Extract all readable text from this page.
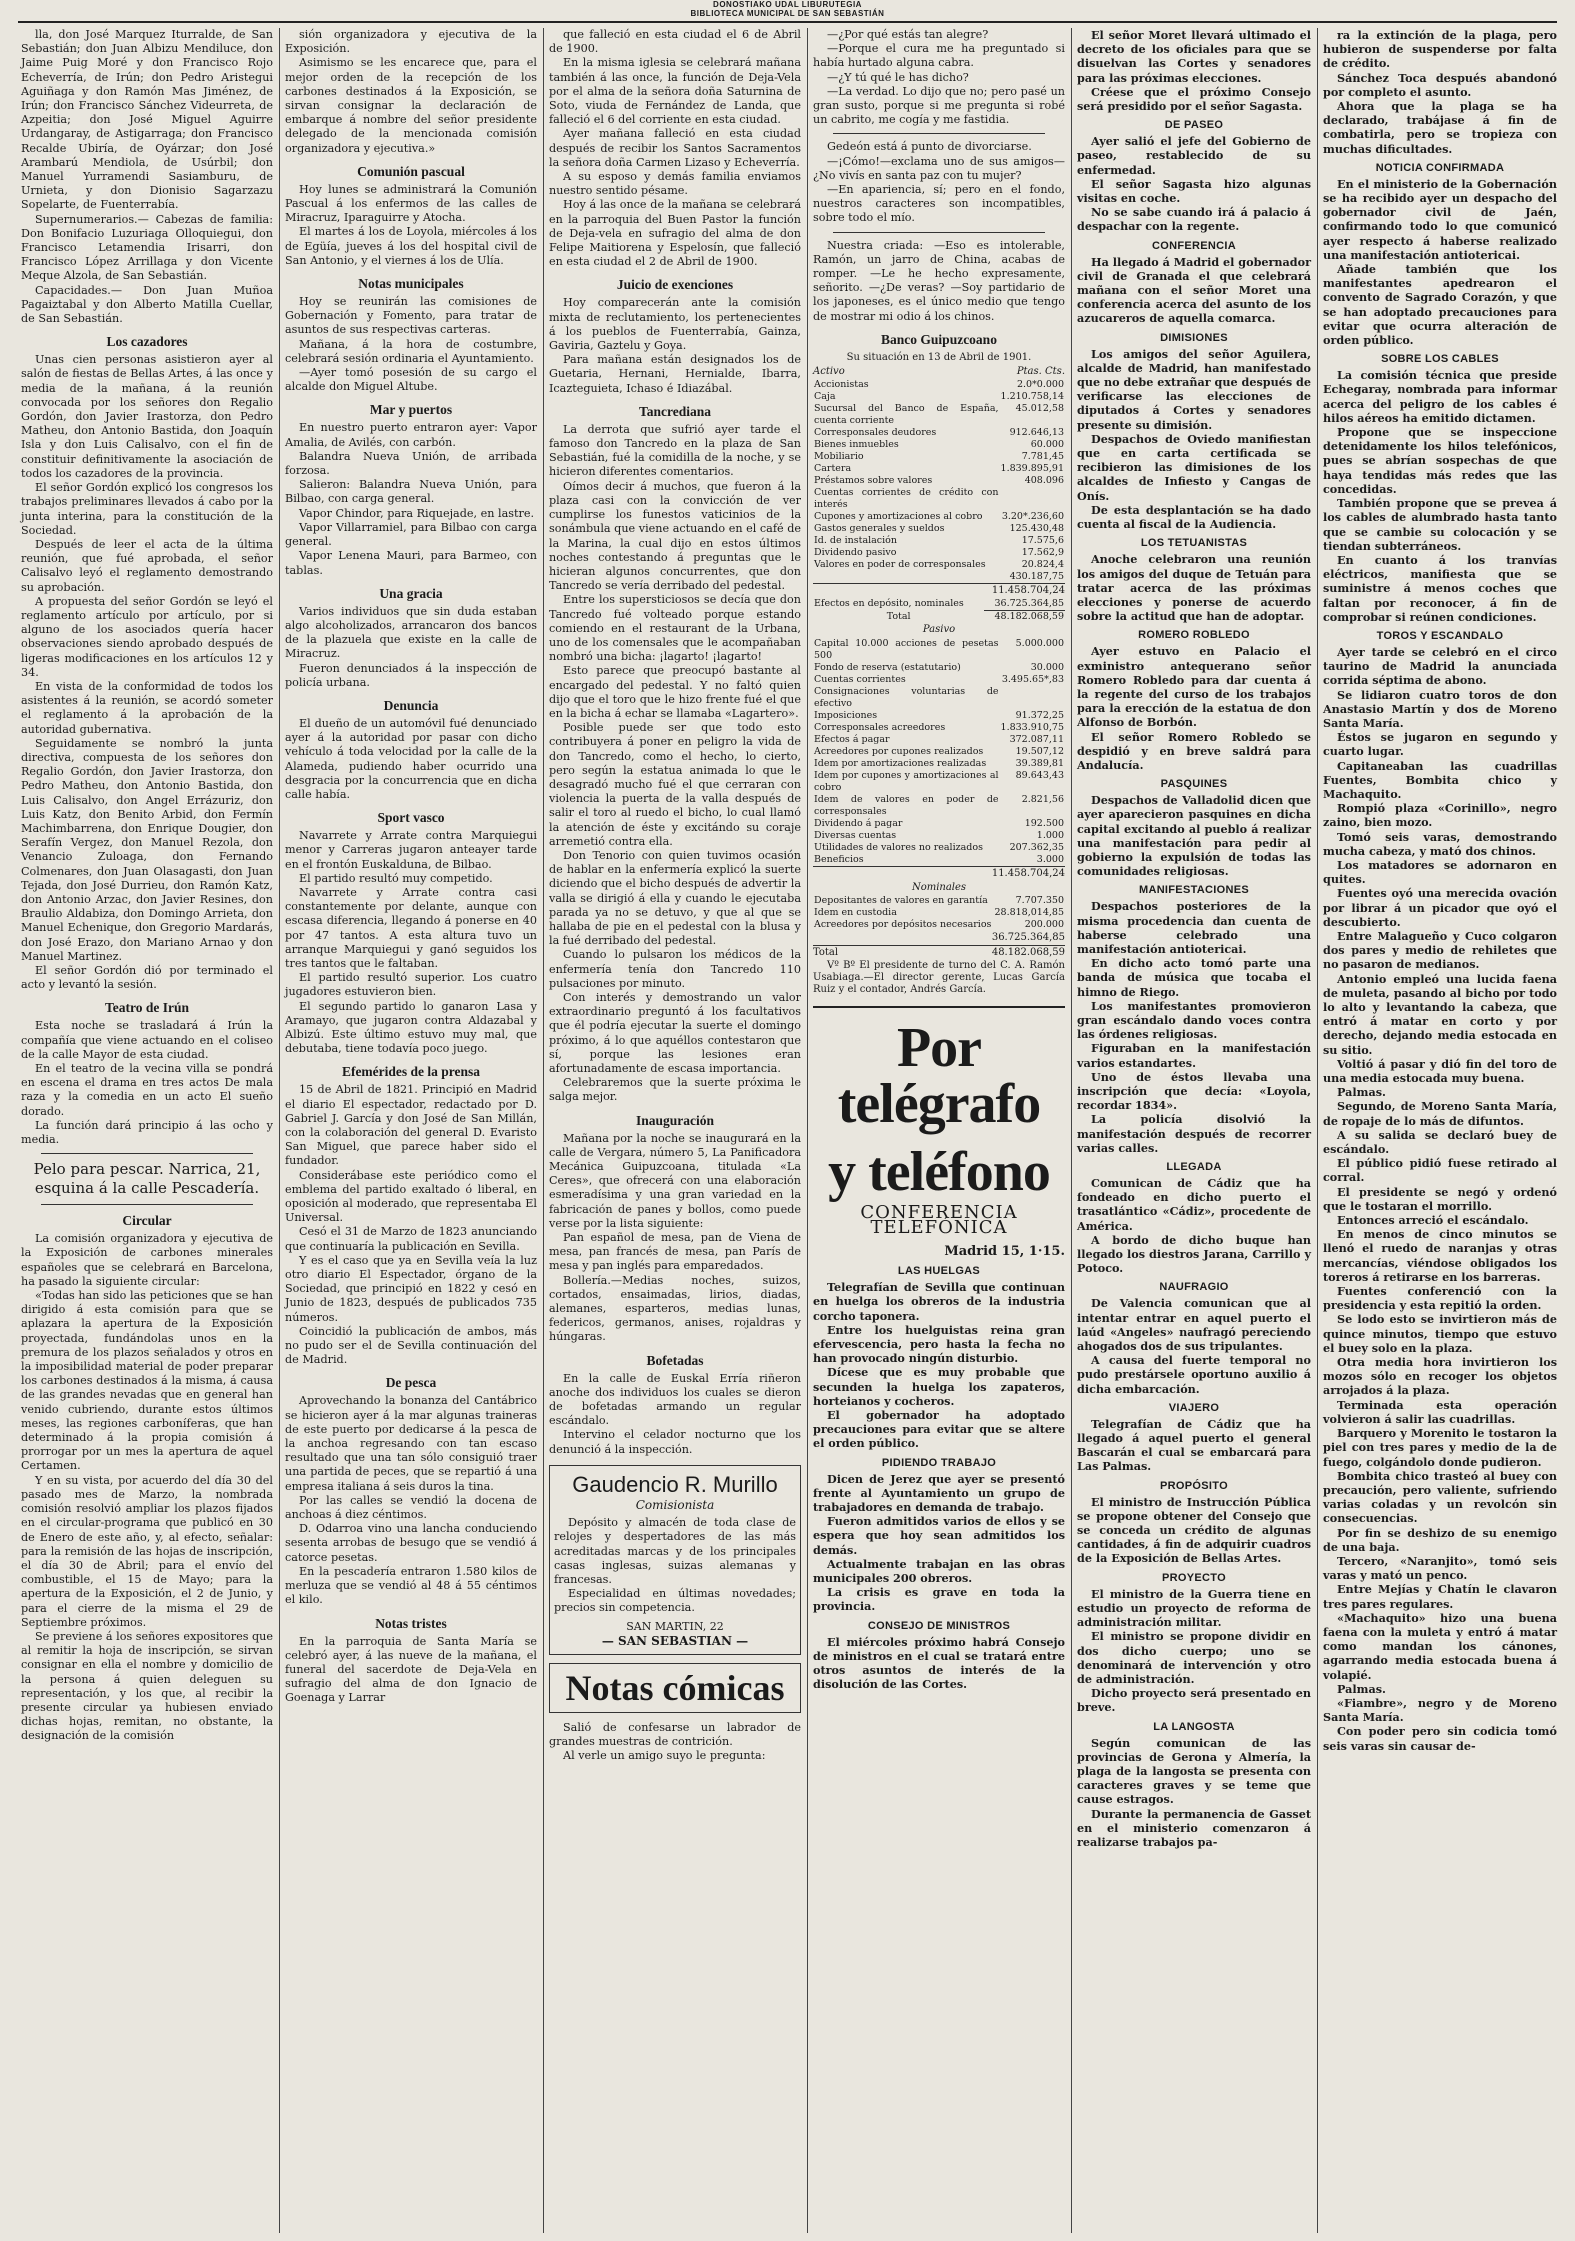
DONOSTIAKO UDAL LIBURUTEGIA
BIBLIOTECA MUNICIPAL DE SAN SEBASTIÁN

lla, don José Marquez Iturralde, de San Sebastián; don Juan Albizu Mendiluce, don Jaime Puig Moré y don Francisco Rojo Echeverría, de Irún; don Pedro Aristegui Aguiñaga y don Ramón Mas Jiménez, de Irún; don Francisco Sánchez Videurreta, de Azpeitia; don José Miguel Aguirre Urdangaray, de Astigarraga; don Francisco Recalde Ubiría, de Oyárzar; don José Arambarú Mendiola, de Usúrbil; don Manuel Yurramendi Sasiamburu, de Urnieta, y don Dionisio Sagarzazu Sopelarte, de Fuenterrabía.

Supernumerarios.— Cabezas de familia: Don Bonifacio Luzuriaga Olloquiegui, don Francisco Letamendia Irisarri, don Francisco López Arrillaga y don Vicente Meque Alzola, de San Sebastián.

Capacidades.— Don Juan Muñoa Pagaiztabal y don Alberto Matilla Cuellar, de San Sebastián.

Los cazadores

Unas cien personas asistieron ayer al salón de fiestas de Bellas Artes, á las once y media de la mañana, á la reunión convocada por los señores don Regalio Gordón, don Javier Irastorza, don Pedro Matheu, don Antonio Bastida, don Joaquín Isla y don Luis Calisalvo, con el fin de constituir definitivamente la asociación de todos los cazadores de la provincia.

El señor Gordón explicó los congresos los trabajos preliminares llevados á cabo por la junta interina, para la constitución de la Sociedad.

Después de leer el acta de la última reunión, que fué aprobada, el señor Calisalvo leyó el reglamento demostrando su aprobación.

A propuesta del señor Gordón se leyó el reglamento artículo por artículo, por si alguno de los asociados quería hacer observaciones siendo aprobado después de ligeras modificaciones en los artículos 12 y 34.

En vista de la conformidad de todos los asistentes á la reunión, se acordó someter el reglamento á la aprobación de la autoridad gubernativa.

Seguidamente se nombró la junta directiva, compuesta de los señores don Regalio Gordón, don Javier Irastorza, don Pedro Matheu, don Antonio Bastida, don Luis Calisalvo, don Angel Errázuriz, don Luis Katz, don Benito Arbid, don Fermín Machimbarrena, don Enrique Dougier, don Serafín Vergez, don Manuel Rezola, don Venancio Zuloaga, don Fernando Colmenares, don Juan Olasagasti, don Juan Tejada, don José Durrieu, don Ramón Katz, don Antonio Arzac, don Javier Resines, don Braulio Aldabiza, don Domingo Arrieta, don Manuel Echenique, don Gregorio Mardarás, don José Erazo, don Mariano Arnao y don Manuel Martinez.

El señor Gordón dió por terminado el acto y levantó la sesión.

Teatro de Irún

Esta noche se trasladará á Irún la compañía que viene actuando en el coliseo de la calle Mayor de esta ciudad.

En el teatro de la vecina villa se pondrá en escena el drama en tres actos De mala raza y la comedia en un acto El sueño dorado.

La función dará principio á las ocho y media.

Pelo para pescar. Narrica, 21, esquina á la calle Pescadería.

Circular

La comisión organizadora y ejecutiva de la Exposición de carbones minerales españoles que se celebrará en Barcelona, ha pasado la siguiente circular:

«Todas han sido las peticiones que se han dirigido á esta comisión para que se aplazara la apertura de la Exposición proyectada, fundándolas unos en la premura de los plazos señalados y otros en la imposibilidad material de poder preparar los carbones destinados á la misma, á causa de las grandes nevadas que en general han venido cubriendo, durante estos últimos meses, las regiones carboníferas, que han determinado á la propia comisión á prorrogar por un mes la apertura de aquel Certamen.

Y en su vista, por acuerdo del día 30 del pasado mes de Marzo, la nombrada comisión resolvió ampliar los plazos fijados en el circular-programa que publicó en 30 de Enero de este año, y, al efecto, señalar: para la remisión de las hojas de inscripción, el día 30 de Abril; para el envío del combustible, el 15 de Mayo; para la apertura de la Exposición, el 2 de Junio, y para el cierre de la misma el 29 de Septiembre próximos.

Se previene á los señores expositores que al remitir la hoja de inscripción, se sirvan consignar en ella el nombre y domicilio de la persona á quien deleguen su representación, y los que, al recibir la presente circular ya hubiesen enviado dichas hojas, remitan, no obstante, la designación de la comisión

sión organizadora y ejecutiva de la Exposición.

Asimismo se les encarece que, para el mejor orden de la recepción de los carbones destinados á la Exposición, se sirvan consignar la declaración de embarque á nombre del señor presidente delegado de la mencionada comisión organizadora y ejecutiva.»

Comunión pascual

Hoy lunes se administrará la Comunión Pascual á los enfermos de las calles de Miracruz, Iparaguirre y Atocha.

El martes á los de Loyola, miércoles á los de Egüía, jueves á los del hospital civil de San Antonio, y el viernes á los de Ulía.

Notas municipales

Hoy se reunirán las comisiones de Gobernación y Fomento, para tratar de asuntos de sus respectivas carteras.

Mañana, á la hora de costumbre, celebrará sesión ordinaria el Ayuntamiento.

—Ayer tomó posesión de su cargo el alcalde don Miguel Altube.

Mar y puertos

En nuestro puerto entraron ayer: Vapor Amalia, de Avilés, con carbón.

Balandra Nueva Unión, de arribada forzosa.

Salieron: Balandra Nueva Unión, para Bilbao, con carga general.

Vapor Chindor, para Riquejade, en lastre.

Vapor Villarramiel, para Bilbao con carga general.

Vapor Lenena Mauri, para Barmeo, con tablas.

Una gracia

Varios individuos que sin duda estaban algo alcoholizados, arrancaron dos bancos de la plazuela que existe en la calle de Miracruz.

Fueron denunciados á la inspección de policía urbana.

Denuncia

El dueño de un automóvil fué denunciado ayer á la autoridad por pasar con dicho vehículo á toda velocidad por la calle de la Alameda, pudiendo haber ocurrido una desgracia por la concurrencia que en dicha calle había.

Sport vasco

Navarrete y Arrate contra Marquiegui menor y Carreras jugaron anteayer tarde en el frontón Euskalduna, de Bilbao.

El partido resultó muy competido.

Navarrete y Arrate contra casi constantemente por delante, aunque con escasa diferencia, llegando á ponerse en 40 por 47 tantos. A esta altura tuvo un arranque Marquiegui y ganó seguidos los tres tantos que le faltaban.

El partido resultó superior. Los cuatro jugadores estuvieron bien.

El segundo partido lo ganaron Lasa y Aramayo, que jugaron contra Aldazabal y Albizú. Este último estuvo muy mal, que debutaba, tiene todavía poco juego.

Efemérides de la prensa

15 de Abril de 1821. Principió en Madrid el diario El espectador, redactado por D. Gabriel J. García y don José de San Millán, con la colaboración del general D. Evaristo San Miguel, que parece haber sido el fundador.

Considerábase este periódico como el emblema del partido exaltado ó liberal, en oposición al moderado, que representaba El Universal.

Cesó el 31 de Marzo de 1823 anunciando que continuaría la publicación en Sevilla.

Y es el caso que ya en Sevilla veía la luz otro diario El Espectador, órgano de la Sociedad, que principió en 1822 y cesó en Junio de 1823, después de publicados 735 números.

Coincidió la publicación de ambos, más no pudo ser el de Sevilla continuación del de Madrid.

De pesca

Aprovechando la bonanza del Cantábrico se hicieron ayer á la mar algunas traineras de este puerto por dedicarse á la pesca de la anchoa regresando con tan escaso resultado que una tan sólo consiguió traer una partida de peces, que se repartió á una empresa italiana á seis duros la tina.

Por las calles se vendió la docena de anchoas á diez céntimos.

D. Odarroa vino una lancha conduciendo sesenta arrobas de besugo que se vendió á catorce pesetas.

En la pescadería entraron 1.580 kilos de merluza que se vendió al 48 á 55 céntimos el kilo.

Notas tristes

En la parroquia de Santa María se celebró ayer, á las nueve de la mañana, el funeral del sacerdote de Deja-Vela en sufragio del alma de don Ignacio de Goenaga y Larrar

que falleció en esta ciudad el 6 de Abril de 1900.

En la misma iglesia se celebrará mañana también á las once, la función de Deja-Vela por el alma de la señora doña Saturnina de Soto, viuda de Fernández de Landa, que falleció el 6 del corriente en esta ciudad.

Ayer mañana falleció en esta ciudad después de recibir los Santos Sacramentos la señora doña Carmen Lizaso y Echeverría.

A su esposo y demás familia enviamos nuestro sentido pésame.

Hoy á las once de la mañana se celebrará en la parroquia del Buen Pastor la función de Deja-vela en sufragio del alma de don Felipe Maitiorena y Espelosín, que falleció en esta ciudad el 2 de Abril de 1900.

Juicio de exenciones

Hoy comparecerán ante la comisión mixta de reclutamiento, los pertenecientes á los pueblos de Fuenterrabía, Gainza, Gaviria, Gaztelu y Goya.

Para mañana están designados los de Guetaria, Hernani, Hernialde, Ibarra, Icazteguieta, Ichaso é Idiazábal.

Tancrediana

La derrota que sufrió ayer tarde el famoso don Tancredo en la plaza de San Sebastián, fué la comidilla de la noche, y se hicieron diferentes comentarios.

Oímos decir á muchos, que fueron á la plaza casi con la convicción de ver cumplirse los funestos vaticinios de la sonámbula que viene actuando en el café de la Marina, la cual dijo en estos últimos noches contestando á preguntas que le hicieran algunos concurrentes, que don Tancredo se vería derribado del pedestal.

Entre los supersticiosos se decía que don Tancredo fué volteado porque estando comiendo en el restaurant de la Urbana, uno de los comensales que le acompañaban nombró una bicha: ¡lagarto! ¡lagarto!

Esto parece que preocupó bastante al encargado del pedestal. Y no faltó quien dijo que el toro que le hizo frente fué el que en la bicha á echar se llamaba «Lagartero».

Posible puede ser que todo esto contribuyera á poner en peligro la vida de don Tancredo, como el hecho, lo cierto, pero según la estatua animada lo que le desagradó mucho fué el que cerraran con violencia la puerta de la valla después de salir el toro al ruedo el bicho, lo cual llamó la atención de éste y excitándo su coraje arremetió contra ella.

Don Tenorio con quien tuvimos ocasión de hablar en la enfermería explicó la suerte diciendo que el bicho después de advertir la valla se dirigió á ella y cuando le ejecutaba parada ya no se detuvo, y que al que se hallaba de pie en el pedestal con la blusa y la fué derribado del pedestal.

Cuando lo pulsaron los médicos de la enfermería tenía don Tancredo 110 pulsaciones por minuto.

Con interés y demostrando un valor extraordinario preguntó á los facultativos que él podría ejecutar la suerte el domingo próximo, á lo que aquéllos contestaron que sí, porque las lesiones eran afortunadamente de escasa importancia.

Celebraremos que la suerte próxima le salga mejor.

Inauguración

Mañana por la noche se inaugurará en la calle de Vergara, número 5, La Panificadora Mecánica Guipuzcoana, titulada «La Ceres», que ofrecerá con una elaboración esmeradísima y una gran variedad en la fabricación de panes y bollos, como puede verse por la lista siguiente:

Pan español de mesa, pan de Viena de mesa, pan francés de mesa, pan París de mesa y pan inglés para emparedados.

Bollería.—Medias noches, suizos, cortados, ensaimadas, lirios, diadas, alemanes, esparteros, medias lunas, federicos, germanos, anises, rojaldras y húngaras.

Bofetadas

En la calle de Euskal Erría riñeron anoche dos individuos los cuales se dieron de bofetadas armando un regular escándalo.

Intervino el celador nocturno que los denunció á la inspección.

Gaudencio R. Murillo
Comisionista

Depósito y almacén de toda clase de relojes y despertadores de las más acreditadas marcas y de los principales casas inglesas, suizas alemanas y francesas.

Especialidad en últimas novedades; precios sin competencia.

SAN MARTIN, 22
— SAN SEBASTIAN —
Notas cómicas

Salió de confesarse un labrador de grandes muestras de contrición.

Al verle un amigo suyo le pregunta:

—¿Por qué estás tan alegre?

—Porque el cura me ha preguntado si había hurtado alguna cabra.

—¿Y tú qué le has dicho?

—La verdad. Lo dijo que no; pero pasé un gran susto, porque si me pregunta si robé un cabrito, me cogía y me fastidia.

Gedeón está á punto de divorciarse.

—¡Cómo!—exclama uno de sus amigos—¿No vivís en santa paz con tu mujer?

—En apariencia, sí; pero en el fondo, nuestros caracteres son incompatibles, sobre todo el mío.

Nuestra criada: —Eso es intolerable, Ramón, un jarro de China, acabas de romper. —Le he hecho expresamente, señorito. —¿De veras? —Soy partidario de los japoneses, es el único medio que tengo de mostrar mi odio á los chinos.

Banco Guipuzcoano

Su situación en 13 de Abril de 1901.

Activo	Ptas. Cts.
Accionistas	2.0*0.000
Caja	1.210.758,14
Sucursal del Banco de España, cuenta corriente	45.012,58
Corresponsales deudores	912.646,13
Bienes inmuebles	60.000
Mobiliario	7.781,45
Cartera	1.839.895,91
Préstamos sobre valores	408.096
Cuentas corrientes de crédito con interés	
Cupones y amortizaciones al cobro	3.20*.236,60
Gastos generales y sueldos	125.430,48
Id. de instalación	17.575,6
Dividendo pasivo	17.562,9
Valores en poder de corresponsales	20.824,4
	430.187,75
11.458.704,24
Efectos en depósito, nominales	36.725.364,85
Total	48.182.068,59
Pasivo
Capital 10.000 acciones de pesetas 500	5.000.000
Fondo de reserva (estatutario)	30.000
Cuentas corrientes	3.495.65*,83
Consignaciones voluntarias de efectivo	
Imposiciones	91.372,25
Corresponsales acreedores	1.833.910,75
Efectos á pagar	372.087,11
Acreedores por cupones realizados	19.507,12
Idem por amortizaciones realizadas	39.389,81
Idem por cupones y amortizaciones al cobro	89.643,43
Idem de valores en poder de corresponsales	2.821,56
Dividendo á pagar	192.500
Diversas cuentas	1.000
Utilidades de valores no realizados	207.362,35
Beneficios	3.000
11.458.704,24
Nominales
Depositantes de valores en garantía	7.707.350
Idem en custodia	28.818,014,85
Acreedores por depósitos necesarios	200.000
36.725.364,85
Total	48.182.068,59

Vº Bº El presidente de turno del C. A. Ramón Usabiaga.—El director gerente, Lucas García Ruiz y el contador, Andrés García.

Por telégrafo
y teléfono
CONFERENCIA TELEFÓNICA
Madrid 15, 1·15.
LAS HUELGAS

Telegrafían de Sevilla que continuan en huelga los obreros de la industria corcho taponera.

Entre los huelguistas reina gran efervescencia, pero hasta la fecha no han provocado ningún disturbio.

Dícese que es muy probable que secunden la huelga los zapateros, horteianos y cocheros.

El gobernador ha adoptado precauciones para evitar que se altere el orden público.

PIDIENDO TRABAJO

Dicen de Jerez que ayer se presentó frente al Ayuntamiento un grupo de trabajadores en demanda de trabajo.

Fueron admitidos varios de ellos y se espera que hoy sean admitidos los demás.

Actualmente trabajan en las obras municipales 200 obreros.

La crisis es grave en toda la provincia.

CONSEJO DE MINISTROS

El miércoles próximo habrá Consejo de ministros en el cual se tratará entre otros asuntos de interés de la disolución de las Cortes.

El señor Moret llevará ultimado el decreto de los oficiales para que se disuelvan las Cortes y senadores para las próximas elecciones.

Créese que el próximo Consejo será presidido por el señor Sagasta.

DE PASEO

Ayer salió el jefe del Gobierno de paseo, restablecido de su enfermedad.

El señor Sagasta hizo algunas visitas en coche.

No se sabe cuando irá á palacio á despachar con la regente.

CONFERENCIA

Ha llegado á Madrid el gobernador civil de Granada el que celebrará mañana con el señor Moret una conferencia acerca del asunto de los azucareros de aquella comarca.

DIMISIONES

Los amigos del señor Aguilera, alcalde de Madrid, han manifestado que no debe extrañar que después de verificarse las elecciones de diputados á Cortes y senadores presente su dimisión.

Despachos de Oviedo manifiestan que en carta certificada se recibieron las dimisiones de los alcaldes de Infiesto y Cangas de Onís.

De esta desplantación se ha dado cuenta al fiscal de la Audiencia.

LOS TETUANISTAS

Anoche celebraron una reunión los amigos del duque de Tetuán para tratar acerca de las próximas elecciones y ponerse de acuerdo sobre la actitud que han de adoptar.

ROMERO ROBLEDO

Ayer estuvo en Palacio el exministro antequerano señor Romero Robledo para dar cuenta á la regente del curso de los trabajos para la erección de la estatua de don Alfonso de Borbón.

El señor Romero Robledo se despidió y en breve saldrá para Andalucía.

PASQUINES

Despachos de Valladolid dicen que ayer aparecieron pasquines en dicha capital excitando al pueblo á realizar una manifestación para pedir al gobierno la expulsión de todas las comunidades religiosas.

MANIFESTACIONES

Despachos posteriores de la misma procedencia dan cuenta de haberse celebrado una manifestación antiotericai.

En dicho acto tomó parte una banda de música que tocaba el himno de Riego.

Los manifestantes promovieron gran escándalo dando voces contra las órdenes religiosas.

Figuraban en la manifestación varios estandartes.

Uno de éstos llevaba una inscripción que decía: «Loyola, recordar 1834».

La policía disolvió la manifestación después de recorrer varias calles.

LLEGADA

Comunican de Cádiz que ha fondeado en dicho puerto el trasatlántico «Cádiz», procedente de América.

A bordo de dicho buque han llegado los diestros Jarana, Carrillo y Potoco.

NAUFRAGIO

De Valencia comunican que al intentar entrar en aquel puerto el laúd «Angeles» naufragó pereciendo ahogados dos de sus tripulantes.

A causa del fuerte temporal no pudo prestársele oportuno auxilio á dicha embarcación.

VIAJERO

Telegrafían de Cádiz que ha llegado á aquel puerto el general Bascarán el cual se embarcará para Las Palmas.

PROPÓSITO

El ministro de Instrucción Pública se propone obtener del Consejo que se conceda un crédito de algunas cantidades, á fin de adquirir cuadros de la Exposición de Bellas Artes.

PROYECTO

El ministro de la Guerra tiene en estudio un proyecto de reforma de administración militar.

El ministro se propone dividir en dos dicho cuerpo; uno se denominará de intervención y otro de administración.

Dicho proyecto será presentado en breve.

LA LANGOSTA

Según comunican de las provincias de Gerona y Almería, la plaga de la langosta se presenta con caracteres graves y se teme que cause estragos.

Durante la permanencia de Gasset en el ministerio comenzaron á realizarse trabajos pa-

ra la extinción de la plaga, pero hubieron de suspenderse por falta de crédito.

Sánchez Toca después abandonó por completo el asunto.

Ahora que la plaga se ha declarado, trabájase á fin de combatirla, pero se tropieza con muchas dificultades.

NOTICIA CONFIRMADA

En el ministerio de la Gobernación se ha recibido ayer un despacho del gobernador civil de Jaén, confirmando todo lo que comunicó ayer respecto á haberse realizado una manifestación antiotericai.

Añade también que los manifestantes apedrearon el convento de Sagrado Corazón, y que se han adoptado precauciones para evitar que ocurra alteración de orden público.

SOBRE LOS CABLES

La comisión técnica que preside Echegaray, nombrada para informar acerca del peligro de los cables é hilos aéreos ha emitido dictamen.

Propone que se inspeccione detenidamente los hilos telefónicos, pues se abrían sospechas de que haya tendidas más redes que las concedidas.

También propone que se prevea á los cables de alumbrado hasta tanto que se cambie su colocación y se tiendan subterráneos.

En cuanto á los tranvías eléctricos, manifiesta que se suministre á menos coches que faltan por reconocer, á fin de comprobar si reúnen condiciones.

TOROS Y ESCANDALO

Ayer tarde se celebró en el circo taurino de Madrid la anunciada corrida séptima de abono.

Se lidiaron cuatro toros de don Anastasio Martín y dos de Moreno Santa María.

Éstos se jugaron en segundo y cuarto lugar.

Capitaneaban las cuadrillas Fuentes, Bombita chico y Machaquito.

Rompió plaza «Corinillo», negro zaino, bien mozo.

Tomó seis varas, demostrando mucha cabeza, y mató dos chinos.

Los matadores se adornaron en quites.

Fuentes oyó una merecida ovación por librar á un picador que oyó el descubierto.

Entre Malagueño y Cuco colgaron dos pares y medio de rehiletes que no pasaron de medianos.

Antonio empleó una lucida faena de muleta, pasando al bicho por todo lo alto y levantando la cabeza, que entró á matar en corto y por derecho, dejando media estocada en su sitio.

Voltió á pasar y dió fin del toro de una media estocada muy buena.

Palmas.

Segundo, de Moreno Santa María, de ropaje de lo más de difuntos.

A su salida se declaró buey de escándalo.

El público pidió fuese retirado al corral.

El presidente se negó y ordenó que le tostaran el morrillo.

Entonces arreció el escándalo.

En menos de cinco minutos se llenó el ruedo de naranjas y otras mercancías, viéndose obligados los toreros á retirarse en los barreras.

Fuentes conferenció con la presidencia y esta repitió la orden.

Se lodo esto se invirtieron más de quince minutos, tiempo que estuvo el buey solo en la plaza.

Otra media hora invirtieron los mozos sólo en recoger los objetos arrojados á la plaza.

Terminada esta operación volvieron á salir las cuadrillas.

Barquero y Morenito le tostaron la piel con tres pares y medio de la de fuego, colgándolo donde pudieron.

Bombita chico trasteó al buey con precaución, pero valiente, sufriendo varias coladas y un revolcón sin consecuencias.

Por fin se deshizo de su enemigo de una baja.

Tercero, «Naranjito», tomó seis varas y mató un penco.

Entre Mejías y Chatín le clavaron tres pares regulares.

«Machaquito» hizo una buena faena con la muleta y entró á matar como mandan los cánones, agarrando media estocada buena á volapié.

Palmas.

«Fiambre», negro y de Moreno Santa María.

Con poder pero sin codicia tomó seis varas sin causar de-
